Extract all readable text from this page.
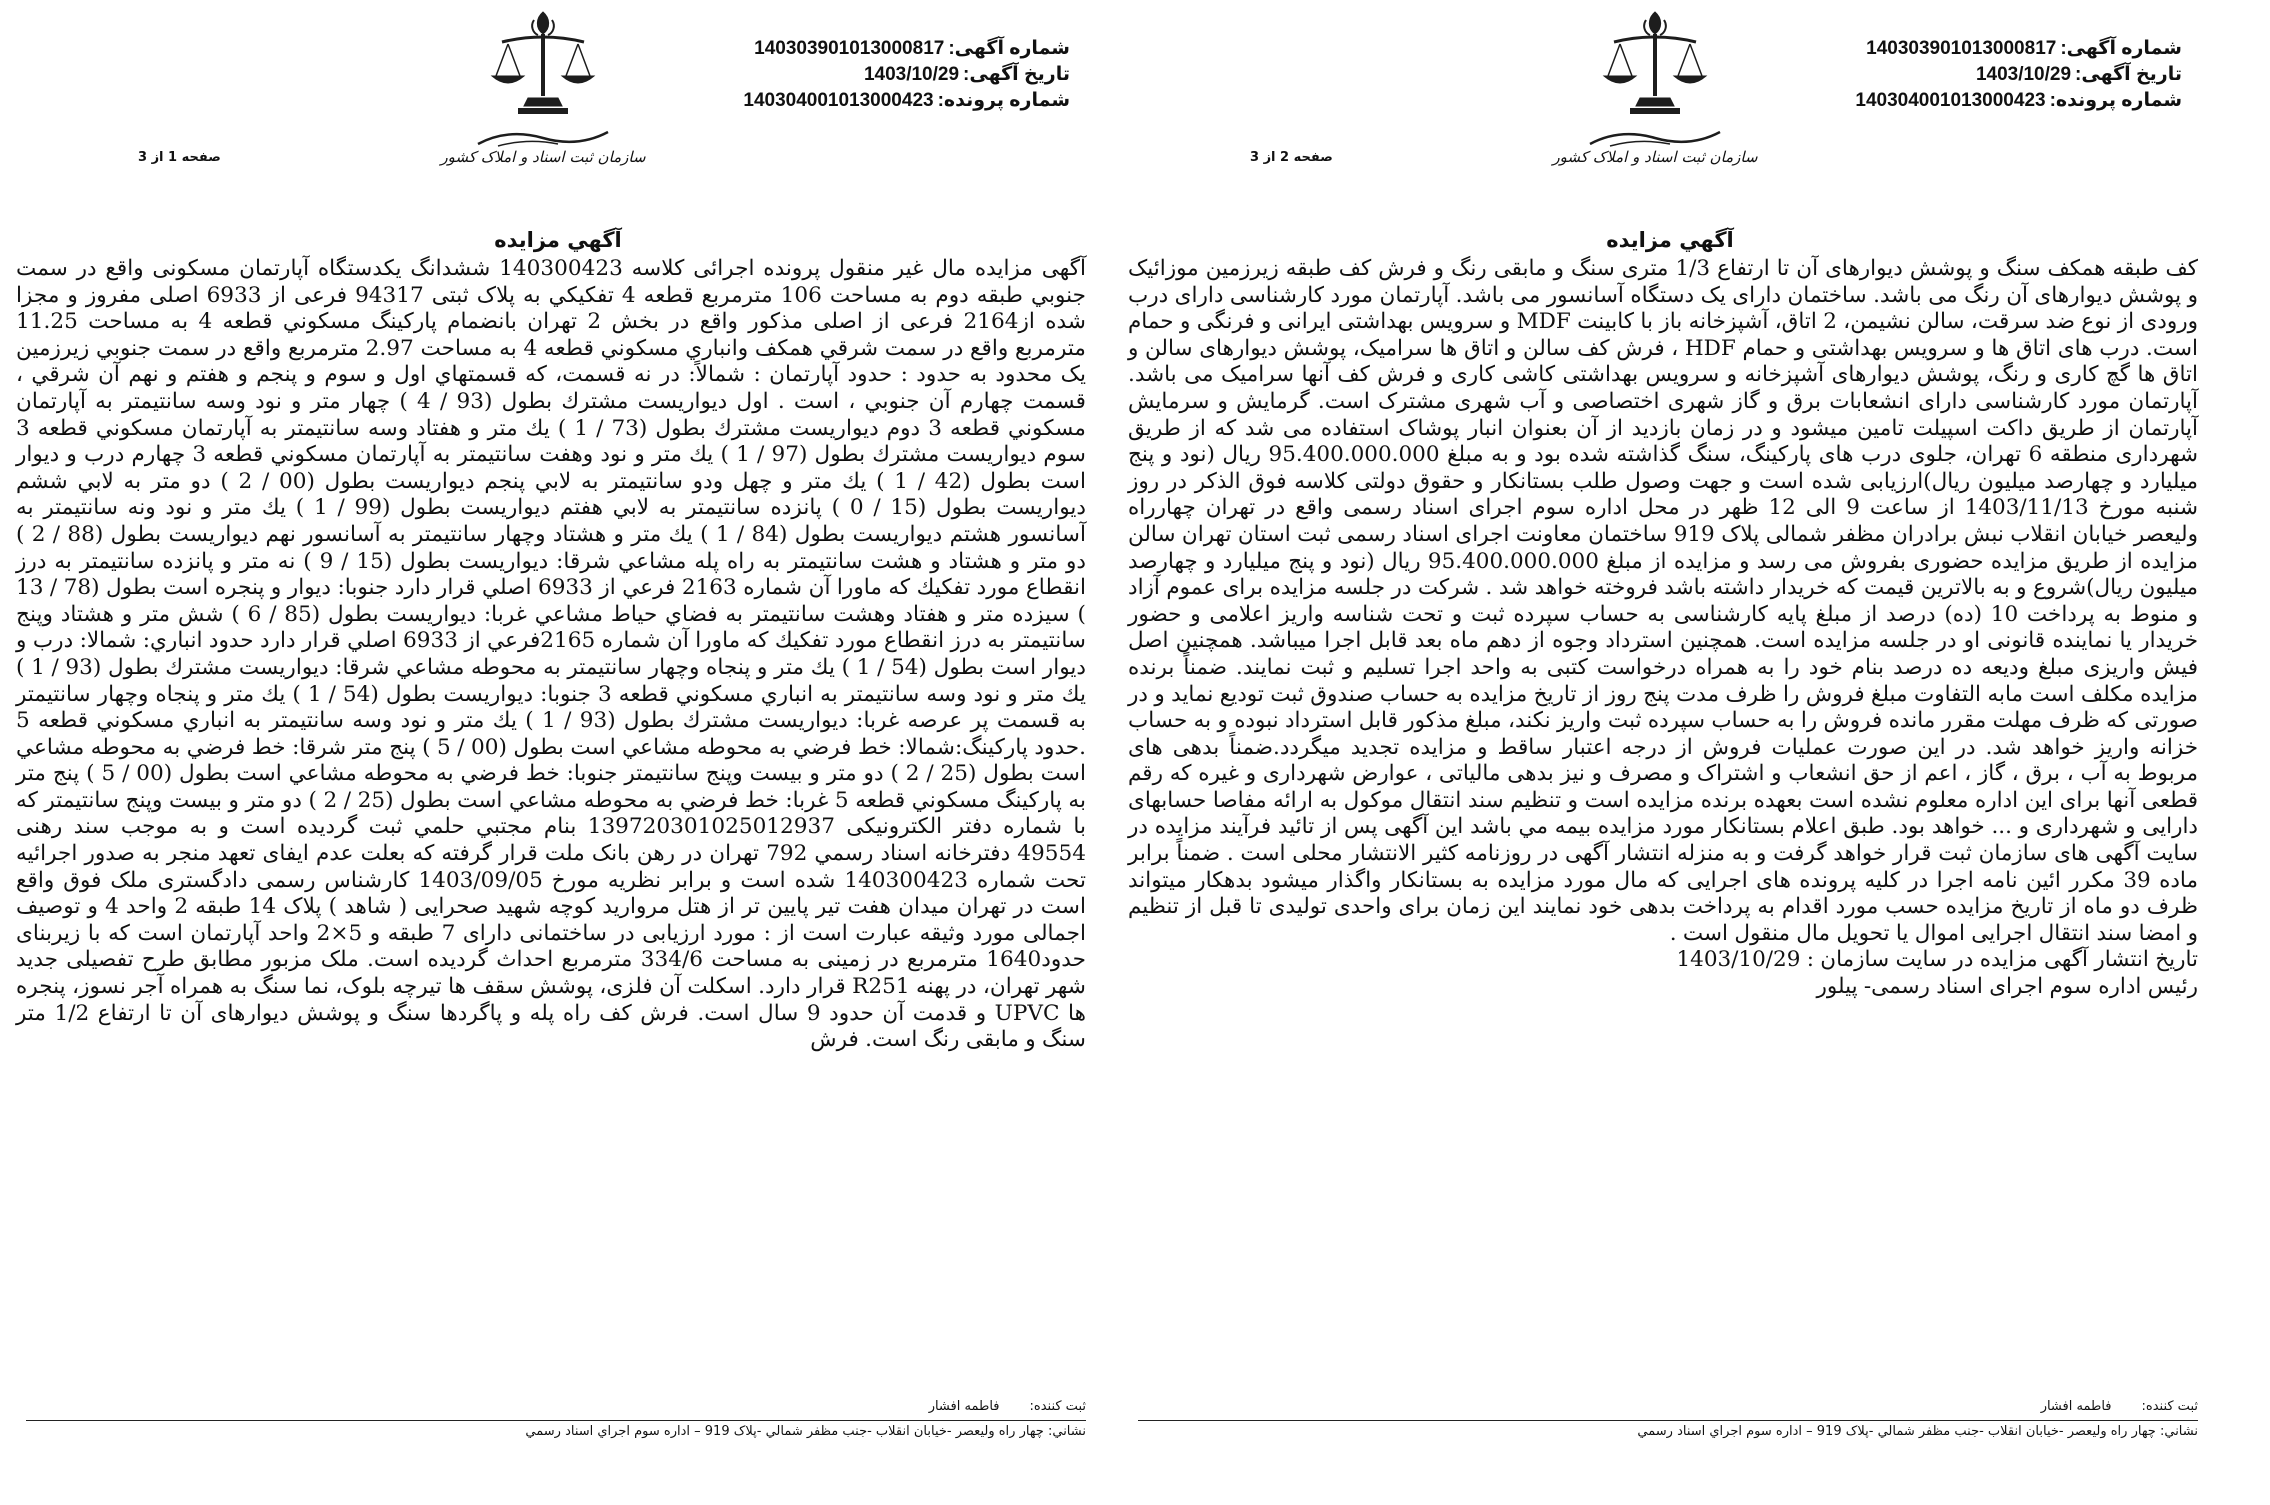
شماره آگهی:140303901013000817
تاریخ آگهی:1403/10/29
شماره پرونده:140304001013000423
سازمان ثبت اسناد و املاک کشور
صفحه 2 از 3
آگهي مزايده

کف طبقه همکف سنگ و پوشش دیوارهای آن تا ارتفاع 1/3 متری سنگ و مابقی رنگ و فرش کف طبقه زیرزمین موزائیک و پوشش دیوارهای آن رنگ می باشد. ساختمان دارای یک دستگاه آسانسور می باشد. آپارتمان مورد کارشناسی دارای درب ورودی از نوع ضد سرقت، سالن نشیمن، 2 اتاق، آشپزخانه باز با کابینت MDF و سرویس بهداشتی ایرانی و فرنگی و حمام است. درب های اتاق ها و سرویس بهداشتی و حمام HDF ، فرش کف سالن و اتاق ها سرامیک، پوشش دیوارهای سالن و اتاق ها گچ کاری و رنگ، پوشش دیوارهای آشپزخانه و سرویس بهداشتی کاشی کاری و فرش کف آنها سرامیک می باشد. آپارتمان مورد کارشناسی دارای انشعابات برق و گاز شهری اختصاصی و آب شهری مشترک است. گرمایش و سرمایش آپارتمان از طریق داکت اسپیلت تامین میشود و در زمان بازدید از آن بعنوان انبار پوشاک استفاده می شد که از طریق شهرداری منطقه 6 تهران، جلوی درب های پارکینگ، سنگ گذاشته شده بود و به مبلغ 95.400.000.000 ریال (نود و پنج میلیارد و چهارصد میلیون ریال)ارزیابی شده است و جهت وصول طلب بستانکار و حقوق دولتی کلاسه فوق الذکر در روز شنبه مورخ 1403/11/13 از ساعت 9 الی 12 ظهر در محل اداره سوم اجرای اسناد رسمی واقع در تهران چهارراه ولیعصر خیابان انقلاب نبش برادران مظفر شمالی پلاک 919 ساختمان معاونت اجرای اسناد رسمی ثبت استان تهران سالن مزایده از طریق مزایده حضوری بفروش می رسد و مزایده از مبلغ 95.400.000.000 ریال (نود و پنج میلیارد و چهارصد میلیون ریال)شروع و به بالاترین قیمت که خریدار داشته باشد فروخته خواهد شد . شرکت در جلسه مزایده برای عموم آزاد و منوط به پرداخت 10 (ده) درصد از مبلغ پایه کارشناسی به حساب سپرده ثبت و تحت شناسه واریز اعلامی و حضور خریدار یا نماینده قانونی او در جلسه مزایده است. همچنین استرداد وجوه از دهم ماه بعد قابل اجرا میباشد. همچنین اصل فیش واریزی مبلغ ودیعه ده درصد بنام خود را به همراه درخواست کتبی به واحد اجرا تسلیم و ثبت نمایند. ضمناً برنده مزایده مکلف است مابه التفاوت مبلغ فروش را ظرف مدت پنج روز از تاریخ مزایده به حساب صندوق ثبت تودیع نماید و در صورتی که ظرف مهلت مقرر مانده فروش را به حساب سپرده ثبت واریز نکند، مبلغ مذکور قابل استرداد نبوده و به حساب خزانه واریز خواهد شد. در این صورت عملیات فروش از درجه اعتبار ساقط و مزایده تجدید میگردد.ضمناً بدهی های مربوط به آب ، برق ، گاز ، اعم از حق انشعاب و اشتراک و مصرف و نیز بدهی مالیاتی ، عوارض شهرداری و غیره که رقم قطعی آنها برای این اداره معلوم نشده است بعهده برنده مزایده است و تنظیم سند انتقال موکول به ارائه مفاصا حسابهای دارایی و شهرداری و ... خواهد بود. طبق اعلام بستانکار مورد مزایده بیمه مي باشد این آگهی پس از تائید فرآیند مزایده در سایت آگهی های سازمان ثبت قرار خواهد گرفت و به منزله انتشار آگهی در روزنامه کثیر الانتشار محلی است . ضمناً برابر ماده 39 مکرر ائین نامه اجرا در کلیه پرونده های اجرایی که مال مورد مزایده به بستانکار واگذار میشود بدهکار میتواند ظرف دو ماه از تاریخ مزایده حسب مورد اقدام به پرداخت بدهی خود نمایند این زمان برای واحدی تولیدی تا قبل از تنظیم و امضا سند انتقال اجرایی اموال یا تحویل مال منقول است .

تاریخ انتشار آگهی مزایده در سایت سازمان : 1403/10/29

رئیس اداره سوم اجرای اسناد رسمی- پیلور

ثبت کننده:فاطمه افشار
نشاني: چهار راه وليعصر -خيابان انقلاب -جنب مظفر شمالي -پلاک 919 – اداره سوم اجراي اسناد رسمي
شماره آگهی:140303901013000817
تاریخ آگهی:1403/10/29
شماره پرونده:140304001013000423
سازمان ثبت اسناد و املاک کشور
صفحه 1 از 3
آگهي مزايده

آگهی مزایده مال غیر منقول پرونده اجرائی کلاسه 140300423 ششدانگ یکدستگاه آپارتمان مسکونی واقع در سمت جنوبي طبقه دوم به مساحت 106 مترمربع قطعه 4 تفکيکي به پلاک ثبتی 94317 فرعی از 6933 اصلی مفروز و مجزا شده از2164 فرعی از اصلی مذکور واقع در بخش 2 تهران بانضمام پارکينگ مسکوني قطعه 4 به مساحت 11.25 مترمربع واقع در سمت شرقي همکف وانباري مسکوني قطعه 4 به مساحت 2.97 مترمربع واقع در سمت جنوبي زيرزمين یک محدود به حدود : حدود آپارتمان : شمالاً: در نه قسمت، كه قسمتهاي اول و سوم و پنجم و هفتم و نهم آن شرقي ، قسمت چهارم آن جنوبي ، است . اول ديواريست مشترك بطول (93 / 4 ) چهار متر و نود وسه سانتيمتر به آپارتمان مسكوني قطعه 3 دوم ديواريست مشترك بطول (73 / 1 ) يك متر و هفتاد وسه سانتيمتر به آپارتمان مسكوني قطعه 3 سوم ديواريست مشترك بطول (97 / 1 ) يك متر و نود وهفت سانتيمتر به آپارتمان مسكوني قطعه 3 چهارم درب و ديوار است بطول (42 / 1 ) يك متر و چهل ودو سانتيمتر به لابي پنجم ديواريست بطول (00 / 2 ) دو متر به لابي ششم ديواريست بطول (15 / 0 ) پانزده سانتيمتر به لابي هفتم ديواريست بطول (99 / 1 ) يك متر و نود ونه سانتيمتر به آسانسور هشتم ديواريست بطول (84 / 1 ) يك متر و هشتاد وچهار سانتيمتر به آسانسور نهم ديواريست بطول (88 / 2 ) دو متر و هشتاد و هشت سانتيمتر به راه پله مشاعي شرقا: ديواريست بطول (15 / 9 ) نه متر و پانزده سانتيمتر به درز انقطاع مورد تفكيك كه ماورا آن شماره 2163 فرعي از 6933 اصلي قرار دارد جنوبا: ديوار و پنجره است بطول (78 / 13 ) سيزده متر و هفتاد وهشت سانتيمتر به فضاي حياط مشاعي غربا: ديواريست بطول (85 / 6 ) شش متر و هشتاد وپنج سانتيمتر به درز انقطاع مورد تفكيك كه ماورا آن شماره 2165فرعي از 6933 اصلي قرار دارد حدود انباري: شمالا: درب و ديوار است بطول (54 / 1 ) يك متر و پنجاه وچهار سانتيمتر به محوطه مشاعي شرقا: ديواريست مشترك بطول (93 / 1 ) يك متر و نود وسه سانتيمتر به انباري مسكوني قطعه 3 جنوبا: ديواريست بطول (54 / 1 ) يك متر و پنجاه وچهار سانتيمتر به قسمت پر عرصه غربا: ديواريست مشترك بطول (93 / 1 ) يك متر و نود وسه سانتيمتر به انباري مسكوني قطعه 5 .حدود پاركينگ:شمالا: خط فرضي به محوطه مشاعي است بطول (00 / 5 ) پنج متر شرقا: خط فرضي به محوطه مشاعي است بطول (25 / 2 ) دو متر و بيست وپنج سانتيمتر جنوبا: خط فرضي به محوطه مشاعي است بطول (00 / 5 ) پنج متر به پاركينگ مسكوني قطعه 5 غربا: خط فرضي به محوطه مشاعي است بطول (25 / 2 ) دو متر و بيست وپنج سانتيمتر كه با شماره دفتر الکترونیکی 139720301025012937 بنام مجتبي حلمي ثبت گرديده است و به موجب سند رهنی 49554 دفترخانه اسناد رسمي 792 تهران در رهن بانک ملت قرار گرفته كه بعلت عدم ایفای تعهد منجر به صدور اجرائیه تحت شماره 140300423 شده است و برابر نظریه مورخ 1403/09/05 كارشناس رسمی دادگستری ملک فوق واقع است در تهران میدان هفت تیر پایین تر از هتل مروارید کوچه شهید صحرایی ( شاهد ) پلاک 14 طبقه 2 واحد 4 و توصیف اجمالی مورد وثیقه عبارت است از : مورد ارزیابی در ساختمانی دارای 7 طبقه و 5×2 واحد آپارتمان است که با زیربنای حدود1640 مترمربع در زمینی به مساحت 334/6 مترمربع احداث گردیده است. ملک مزبور مطابق طرح تفصیلی جدید شهر تهران، در پهنه R251 قرار دارد. اسکلت آن فلزی، پوشش سقف ها تیرچه بلوک، نما سنگ به همراه آجر نسوز، پنجره ها UPVC و قدمت آن حدود 9 سال است. فرش کف راه پله و پاگردها سنگ و پوشش دیوارهای آن تا ارتفاع 1/2 متر سنگ و مابقی رنگ است. فرش

ثبت کننده:فاطمه افشار
نشاني: چهار راه وليعصر -خيابان انقلاب -جنب مظفر شمالي -پلاک 919 – اداره سوم اجراي اسناد رسمي
